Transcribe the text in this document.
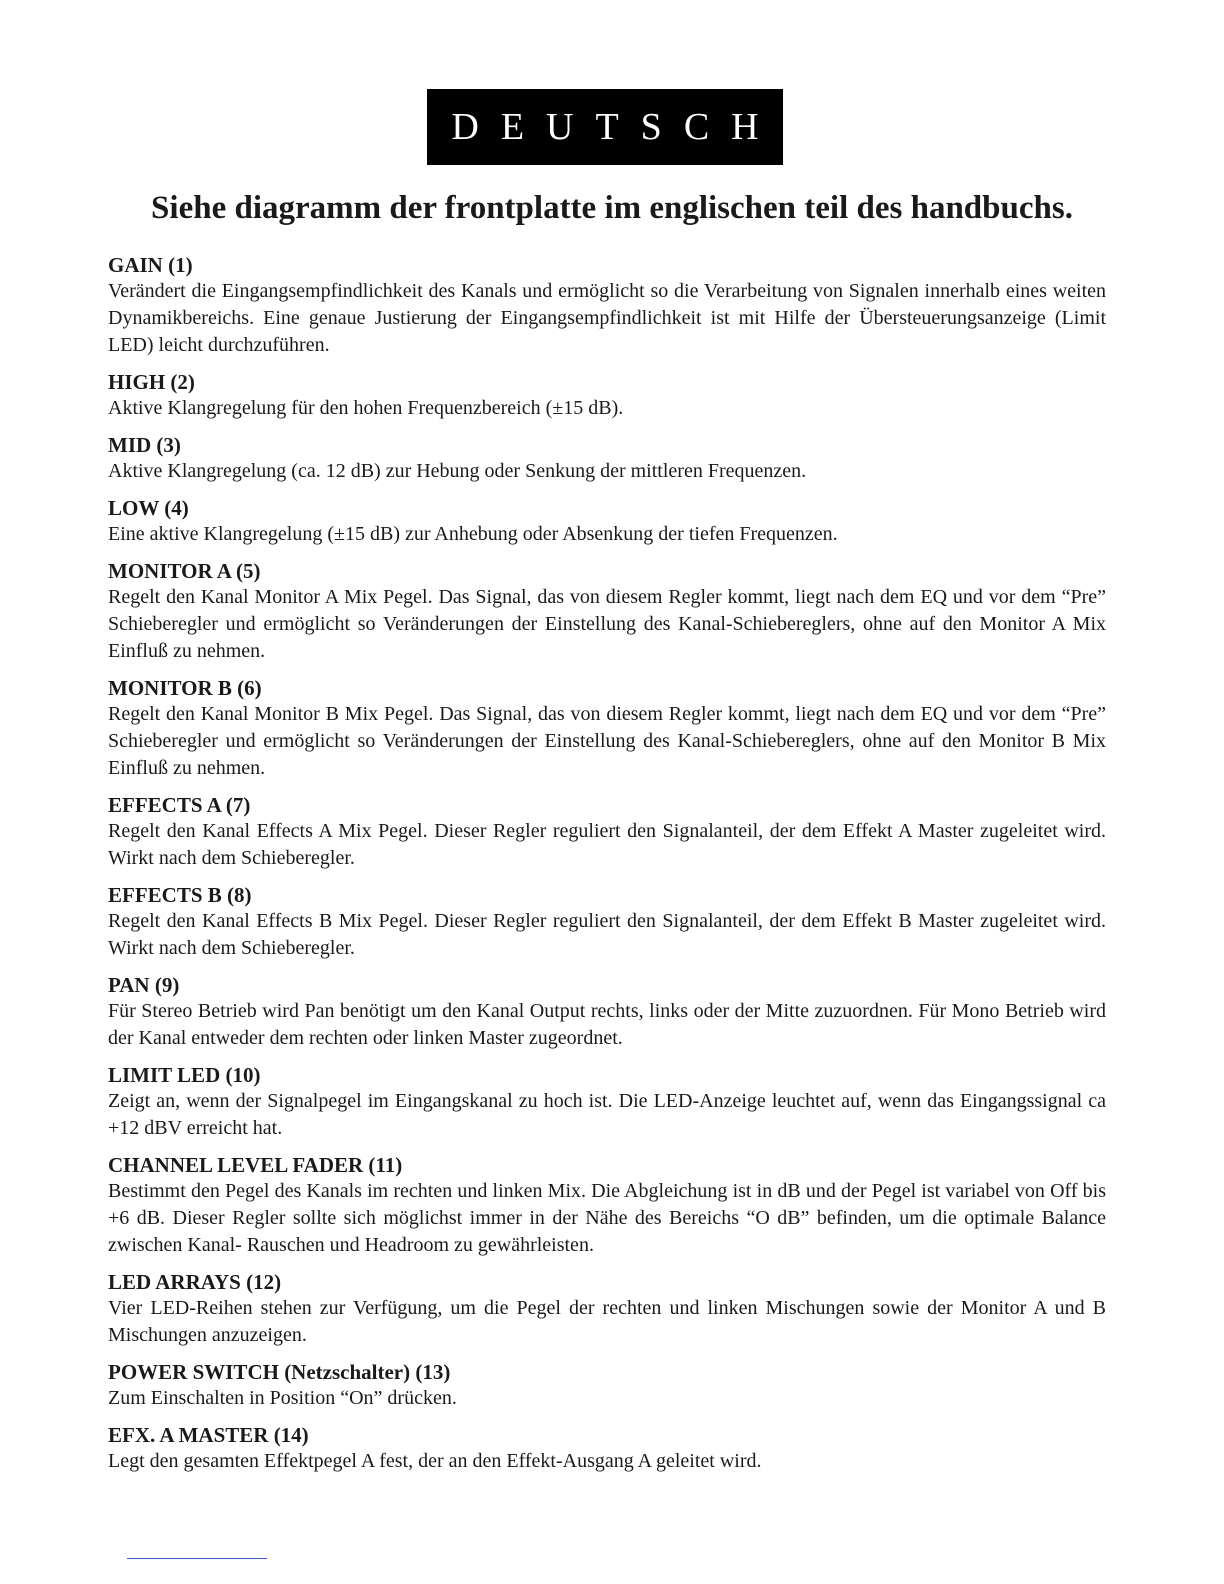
DEUTSCH
Siehe diagramm der frontplatte im englischen teil des handbuchs.

GAIN (1)

Verändert die Eingangsempfindlichkeit des Kanals und ermöglicht so die Verarbeitung von Signalen innerhalb eines weiten Dynamikbereichs. Eine genaue Justierung der Eingangsempfindlichkeit ist mit Hilfe der Übersteuerungsanzeige (Limit LED) leicht durchzuführen.

HIGH (2)

Aktive Klangregelung für den hohen Frequenzbereich (±15 dB).

MID (3)

Aktive Klangregelung (ca. 12 dB) zur Hebung oder Senkung der mittleren Frequenzen.

LOW (4)

Eine aktive Klangregelung (±15 dB) zur Anhebung oder Absenkung der tiefen Frequenzen.

MONITOR A (5)

Regelt den Kanal Monitor A Mix Pegel. Das Signal, das von diesem Regler kommt, liegt nach dem EQ und vor dem “Pre” Schieberegler und ermöglicht so Veränderungen der Einstellung des Kanal-Schiebereglers, ohne auf den Monitor A Mix Einfluß zu nehmen.

MONITOR B (6)

Regelt den Kanal Monitor B Mix Pegel. Das Signal, das von diesem Regler kommt, liegt nach dem EQ und vor dem “Pre” Schieberegler und ermöglicht so Veränderungen der Einstellung des Kanal-Schiebereglers, ohne auf den Monitor B Mix Einfluß zu nehmen.

EFFECTS A (7)

Regelt den Kanal Effects A Mix Pegel. Dieser Regler reguliert den Signalanteil, der dem Effekt A Master zugeleitet wird. Wirkt nach dem Schieberegler.

EFFECTS B (8)

Regelt den Kanal Effects B Mix Pegel. Dieser Regler reguliert den Signalanteil, der dem Effekt B Master zugeleitet wird. Wirkt nach dem Schieberegler.

PAN (9)

Für Stereo Betrieb wird Pan benötigt um den Kanal Output rechts, links oder der Mitte zuzuordnen. Für Mono Betrieb wird der Kanal entweder dem rechten oder linken Master zugeordnet.

LIMIT LED (10)

Zeigt an, wenn der Signalpegel im Eingangskanal zu hoch ist. Die LED-Anzeige leuchtet auf, wenn das Eingangssignal ca +12 dBV erreicht hat.

CHANNEL LEVEL FADER (11)

Bestimmt den Pegel des Kanals im rechten und linken Mix. Die Abgleichung ist in dB und der Pegel ist variabel von Off bis +6 dB. Dieser Regler sollte sich möglichst immer in der Nähe des Bereichs “O dB” befinden, um die optimale Balance zwischen Kanal- Rauschen und Headroom zu gewährleisten.

LED ARRAYS (12)

Vier LED-Reihen stehen zur Verfügung, um die Pegel der rechten und linken Mischungen sowie der Monitor A und B Mischungen anzuzeigen.

POWER SWITCH (Netzschalter) (13)

Zum Einschalten in Position “On” drücken.

EFX. A MASTER (14)

Legt den gesamten Effektpegel A fest, der an den Effekt-Ausgang A geleitet wird.
